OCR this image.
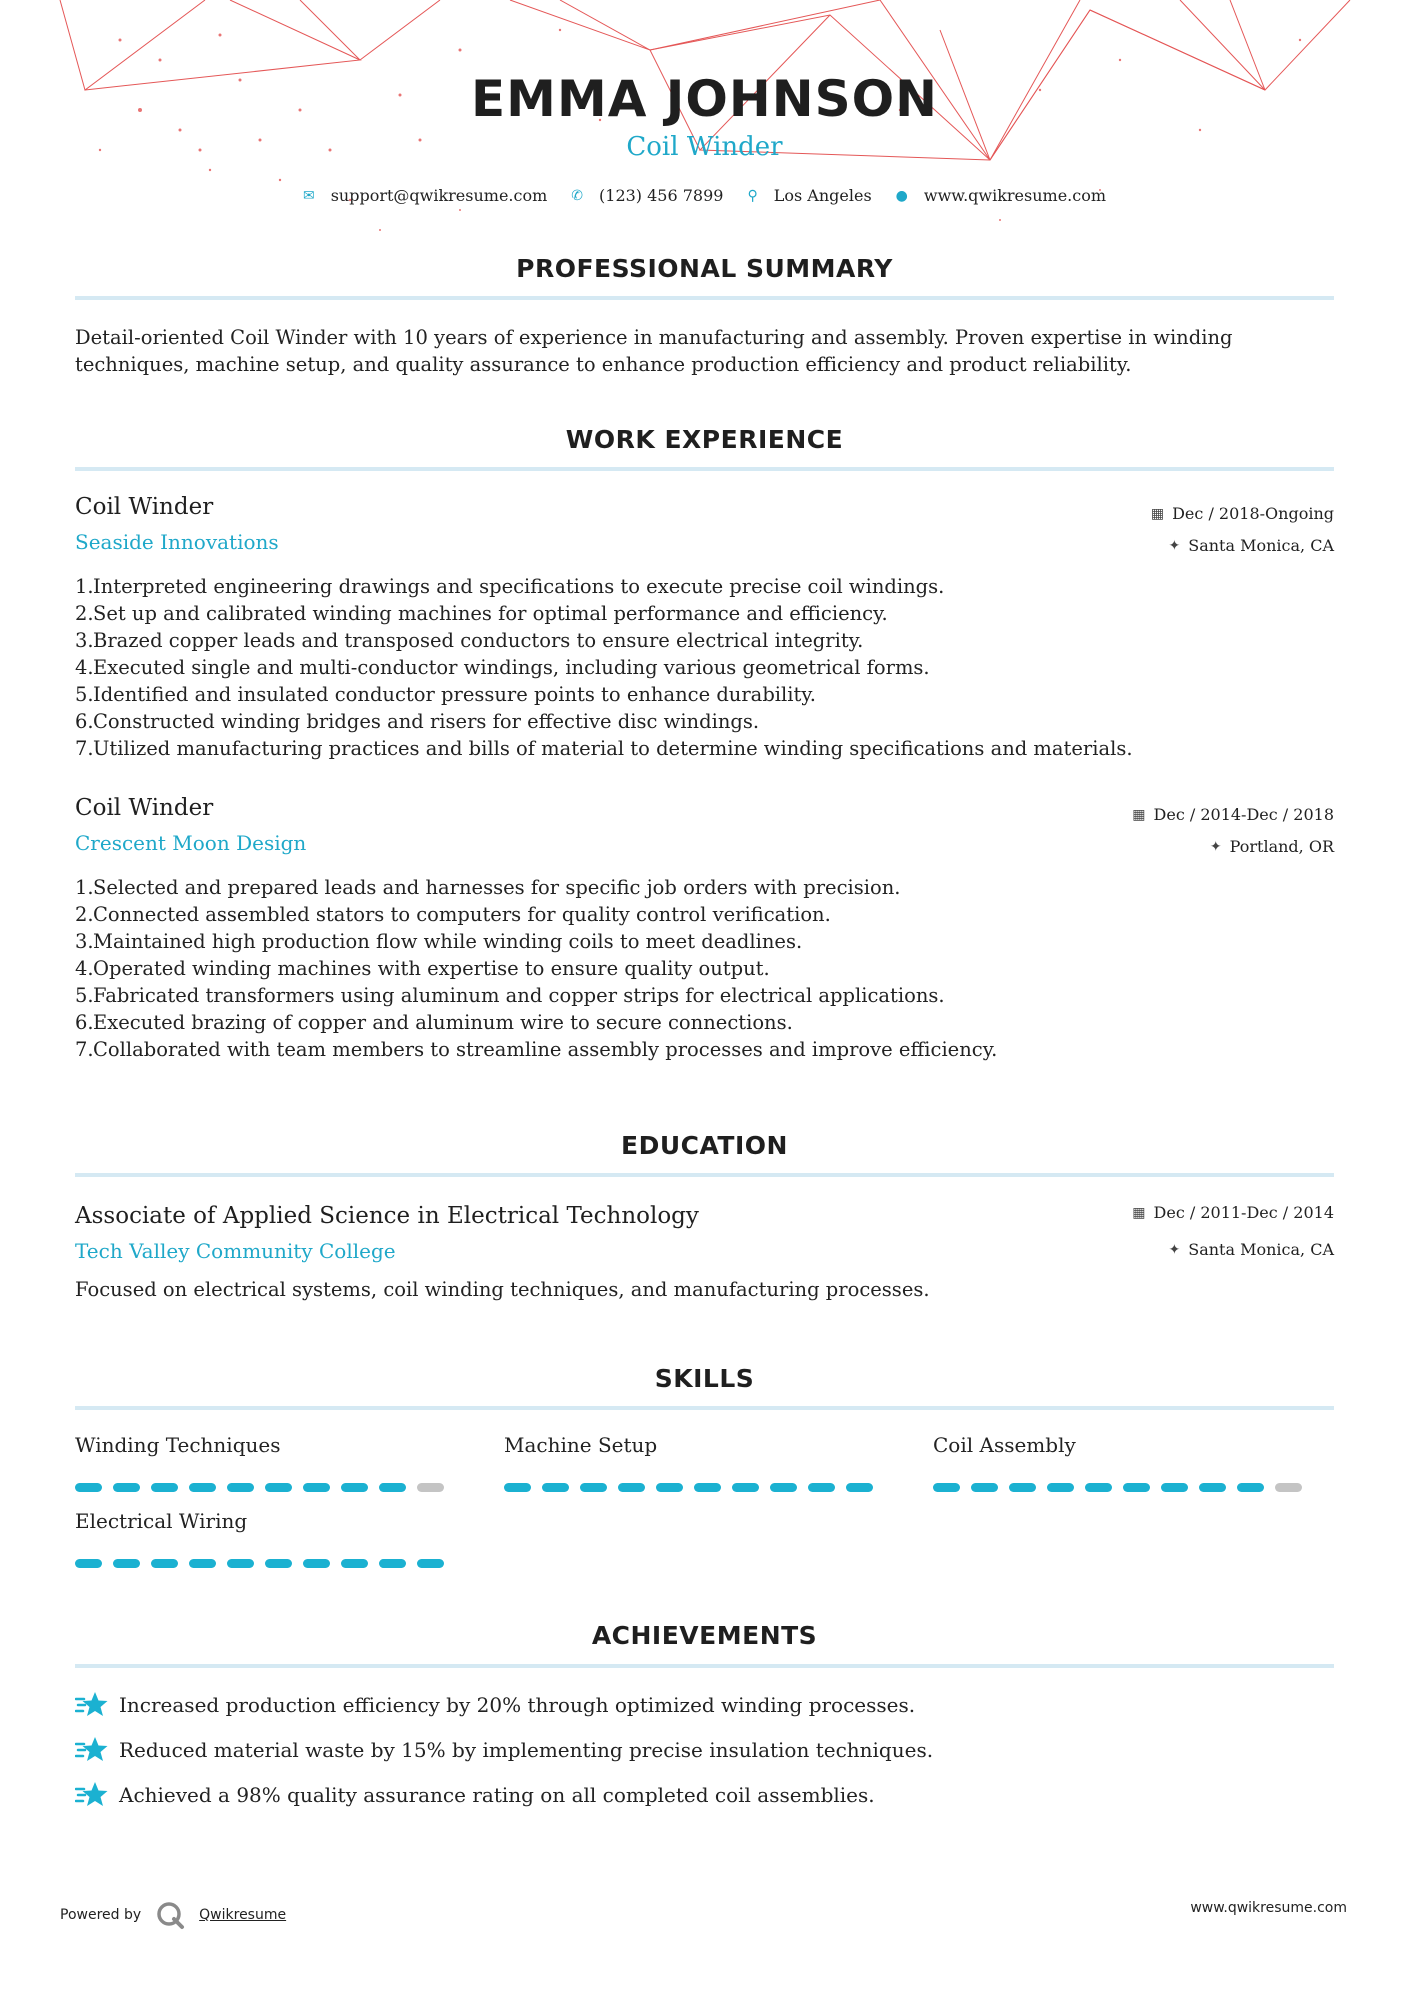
EMMA JOHNSON
Coil Winder
✉ support@qwikresume.com ✆ (123) 456 7899 ⚲ Los Angeles ● www.qwikresume.com
PROFESSIONAL SUMMARY
Detail-oriented Coil Winder with 10 years of experience in manufacturing and assembly. Proven expertise in winding techniques, machine setup, and quality assurance to enhance production efficiency and product reliability.
WORK EXPERIENCE
Coil Winder
Seaside Innovations
▦ Dec / 2018-Ongoing
✦ Santa Monica, CA
1. Interpreted engineering drawings and specifications to execute precise coil windings.
2. Set up and calibrated winding machines for optimal performance and efficiency.
3. Brazed copper leads and transposed conductors to ensure electrical integrity.
4. Executed single and multi-conductor windings, including various geometrical forms.
5. Identified and insulated conductor pressure points to enhance durability.
6. Constructed winding bridges and risers for effective disc windings.
7. Utilized manufacturing practices and bills of material to determine winding specifications and materials.
Coil Winder
Crescent Moon Design
▦ Dec / 2014-Dec / 2018
✦ Portland, OR
1. Selected and prepared leads and harnesses for specific job orders with precision.
2. Connected assembled stators to computers for quality control verification.
3. Maintained high production flow while winding coils to meet deadlines.
4. Operated winding machines with expertise to ensure quality output.
5. Fabricated transformers using aluminum and copper strips for electrical applications.
6. Executed brazing of copper and aluminum wire to secure connections.
7. Collaborated with team members to streamline assembly processes and improve efficiency.
EDUCATION
Associate of Applied Science in Electrical Technology
Tech Valley Community College
▦ Dec / 2011-Dec / 2014
✦ Santa Monica, CA
Focused on electrical systems, coil winding techniques, and manufacturing processes.
SKILLS
Winding Techniques	Machine Setup	Coil Assembly
Electrical Wiring
ACHIEVEMENTS
Increased production efficiency by 20% through optimized winding processes.
Reduced material waste by 15% by implementing precise insulation techniques.
Achieved a 98% quality assurance rating on all completed coil assemblies.
Powered by	Qwikresume	www.qwikresume.com
